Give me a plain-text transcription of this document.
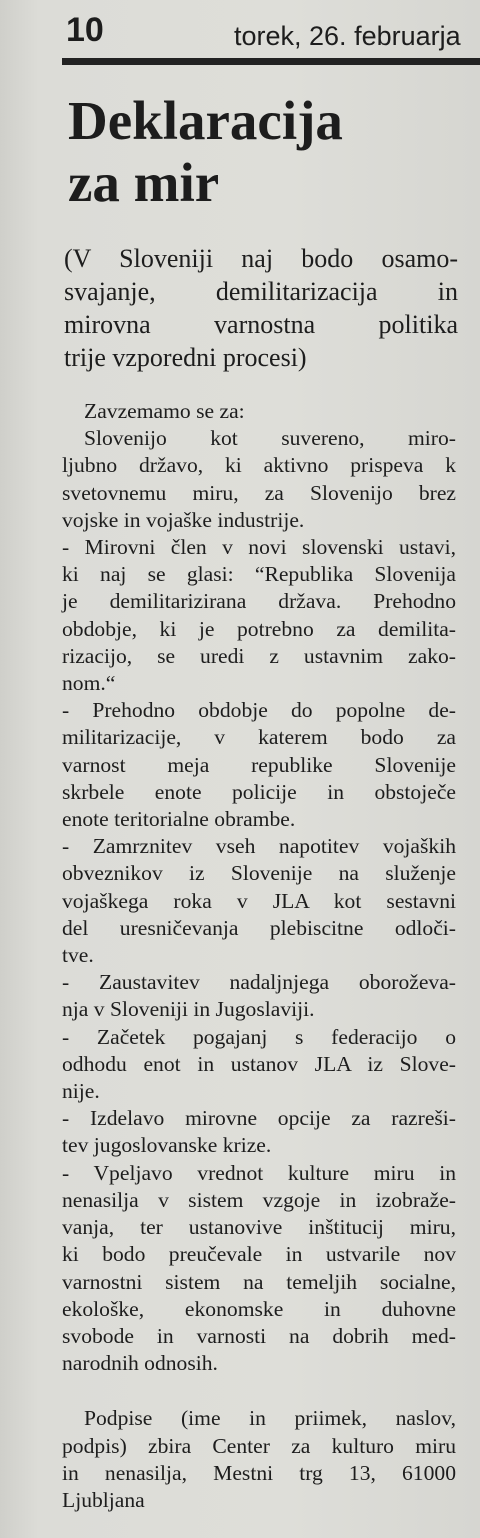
10	torek, 26. februarja
Deklaracija
za mir

(V Sloveniji naj bodo osamo-
svajanje, demilitarizacija in
mirovna varnostna politika
trije vzporedni procesi)

Zavzemamo se za:
Slovenijo kot suvereno, miro-
ljubno državo, ki aktivno prispeva k
svetovnemu miru, za Slovenijo brez
vojske in vojaške industrije.
- Mirovni člen v novi slovenski ustavi,
ki naj se glasi: “Republika Slovenija
je demilitarizirana država. Prehodno
obdobje, ki je potrebno za demilita-
rizacijo, se uredi z ustavnim zako-
nom.“
- Prehodno obdobje do popolne de-
militarizacije, v katerem bodo za
varnost meja republike Slovenije
skrbele enote policije in obstoječe
enote teritorialne obrambe.
- Zamrznitev vseh napotitev vojaških
obveznikov iz Slovenije na služenje
vojaškega roka v JLA kot sestavni
del uresničevanja plebiscitne odloči-
tve.
- Zaustavitev nadaljnjega oboroževa-
nja v Sloveniji in Jugoslaviji.
- Začetek pogajanj s federacijo o
odhodu enot in ustanov JLA iz Slove-
nije.
- Izdelavo mirovne opcije za razreši-
tev jugoslovanske krize.
- Vpeljavo vrednot kulture miru in
nenasilja v sistem vzgoje in izobraže-
vanja, ter ustanovive inštitucij miru,
ki bodo preučevale in ustvarile nov
varnostni sistem na temeljih socialne,
ekološke, ekonomske in duhovne
svobode in varnosti na dobrih med-
narodnih odnosih.
Podpise (ime in priimek, naslov,
podpis) zbira Center za kulturo miru
in nenasilja, Mestni trg 13, 61000
Ljubljana
